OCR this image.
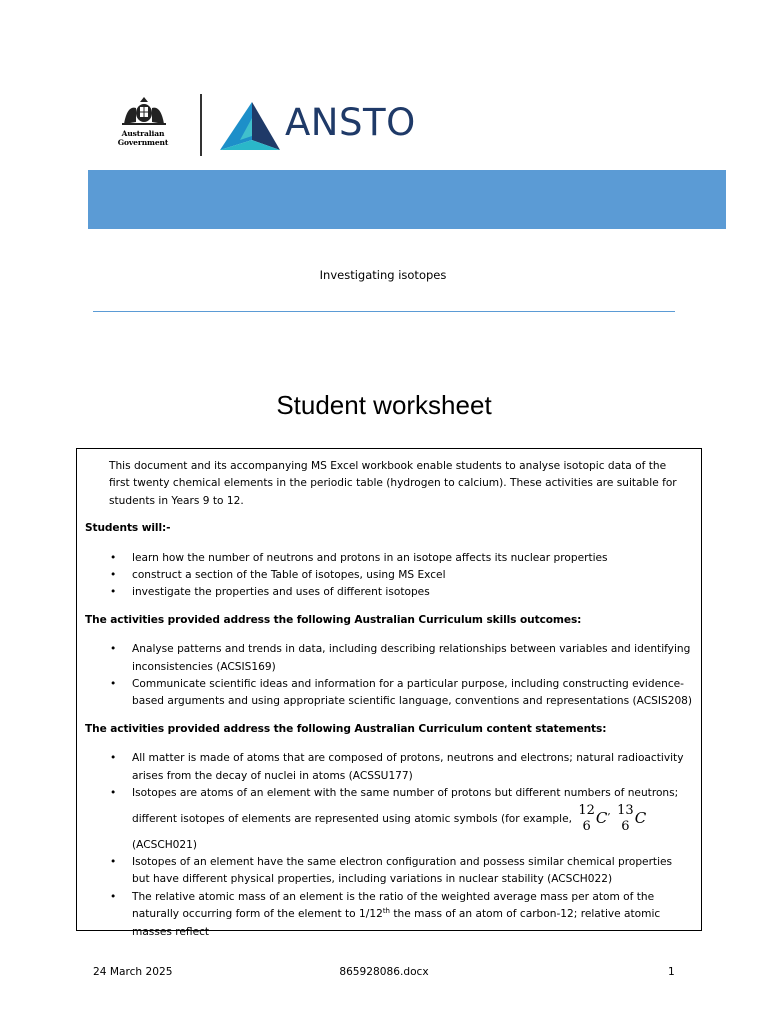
Australian Government	ANSTO
Investigating isotopes
Student worksheet
This document and its accompanying MS Excel workbook enable students to analyse isotopic data of the first twenty chemical elements in the periodic table (hydrogen to calcium). These activities are suitable for students in Years 9 to 12.
Students will:-
• learn how the number of neutrons and protons in an isotope affects its nuclear properties
• construct a section of the Table of isotopes, using MS Excel
• investigate the properties and uses of different isotopes
The activities provided address the following Australian Curriculum skills outcomes:
• Analyse patterns and trends in data, including describing relationships between variables and identifying inconsistencies (ACSIS169)
• Communicate scientific ideas and information for a particular purpose, including constructing evidence-based arguments and using appropriate scientific language, conventions and representations (ACSIS208)
The activities provided address the following Australian Curriculum content statements:
• All matter is made of atoms that are composed of protons, neutrons and electrons; natural radioactivity arises from the decay of nuclei in atoms (ACSSU177)
• Isotopes are atoms of an element with the same number of protons but different numbers of neutrons; different isotopes of elements are represented using atomic symbols (for example,
12
6 C , 13
6 C
(ACSCH021)
• Isotopes of an element have the same electron configuration and possess similar chemical properties but have different physical properties, including variations in nuclear stability (ACSCH022)
• The relative atomic mass of an element is the ratio of the weighted average mass per atom of the naturally occurring form of the element to 1/12th the mass of an atom of carbon-12; relative atomic masses reflect
24 March 2025	865928086.docx	1
